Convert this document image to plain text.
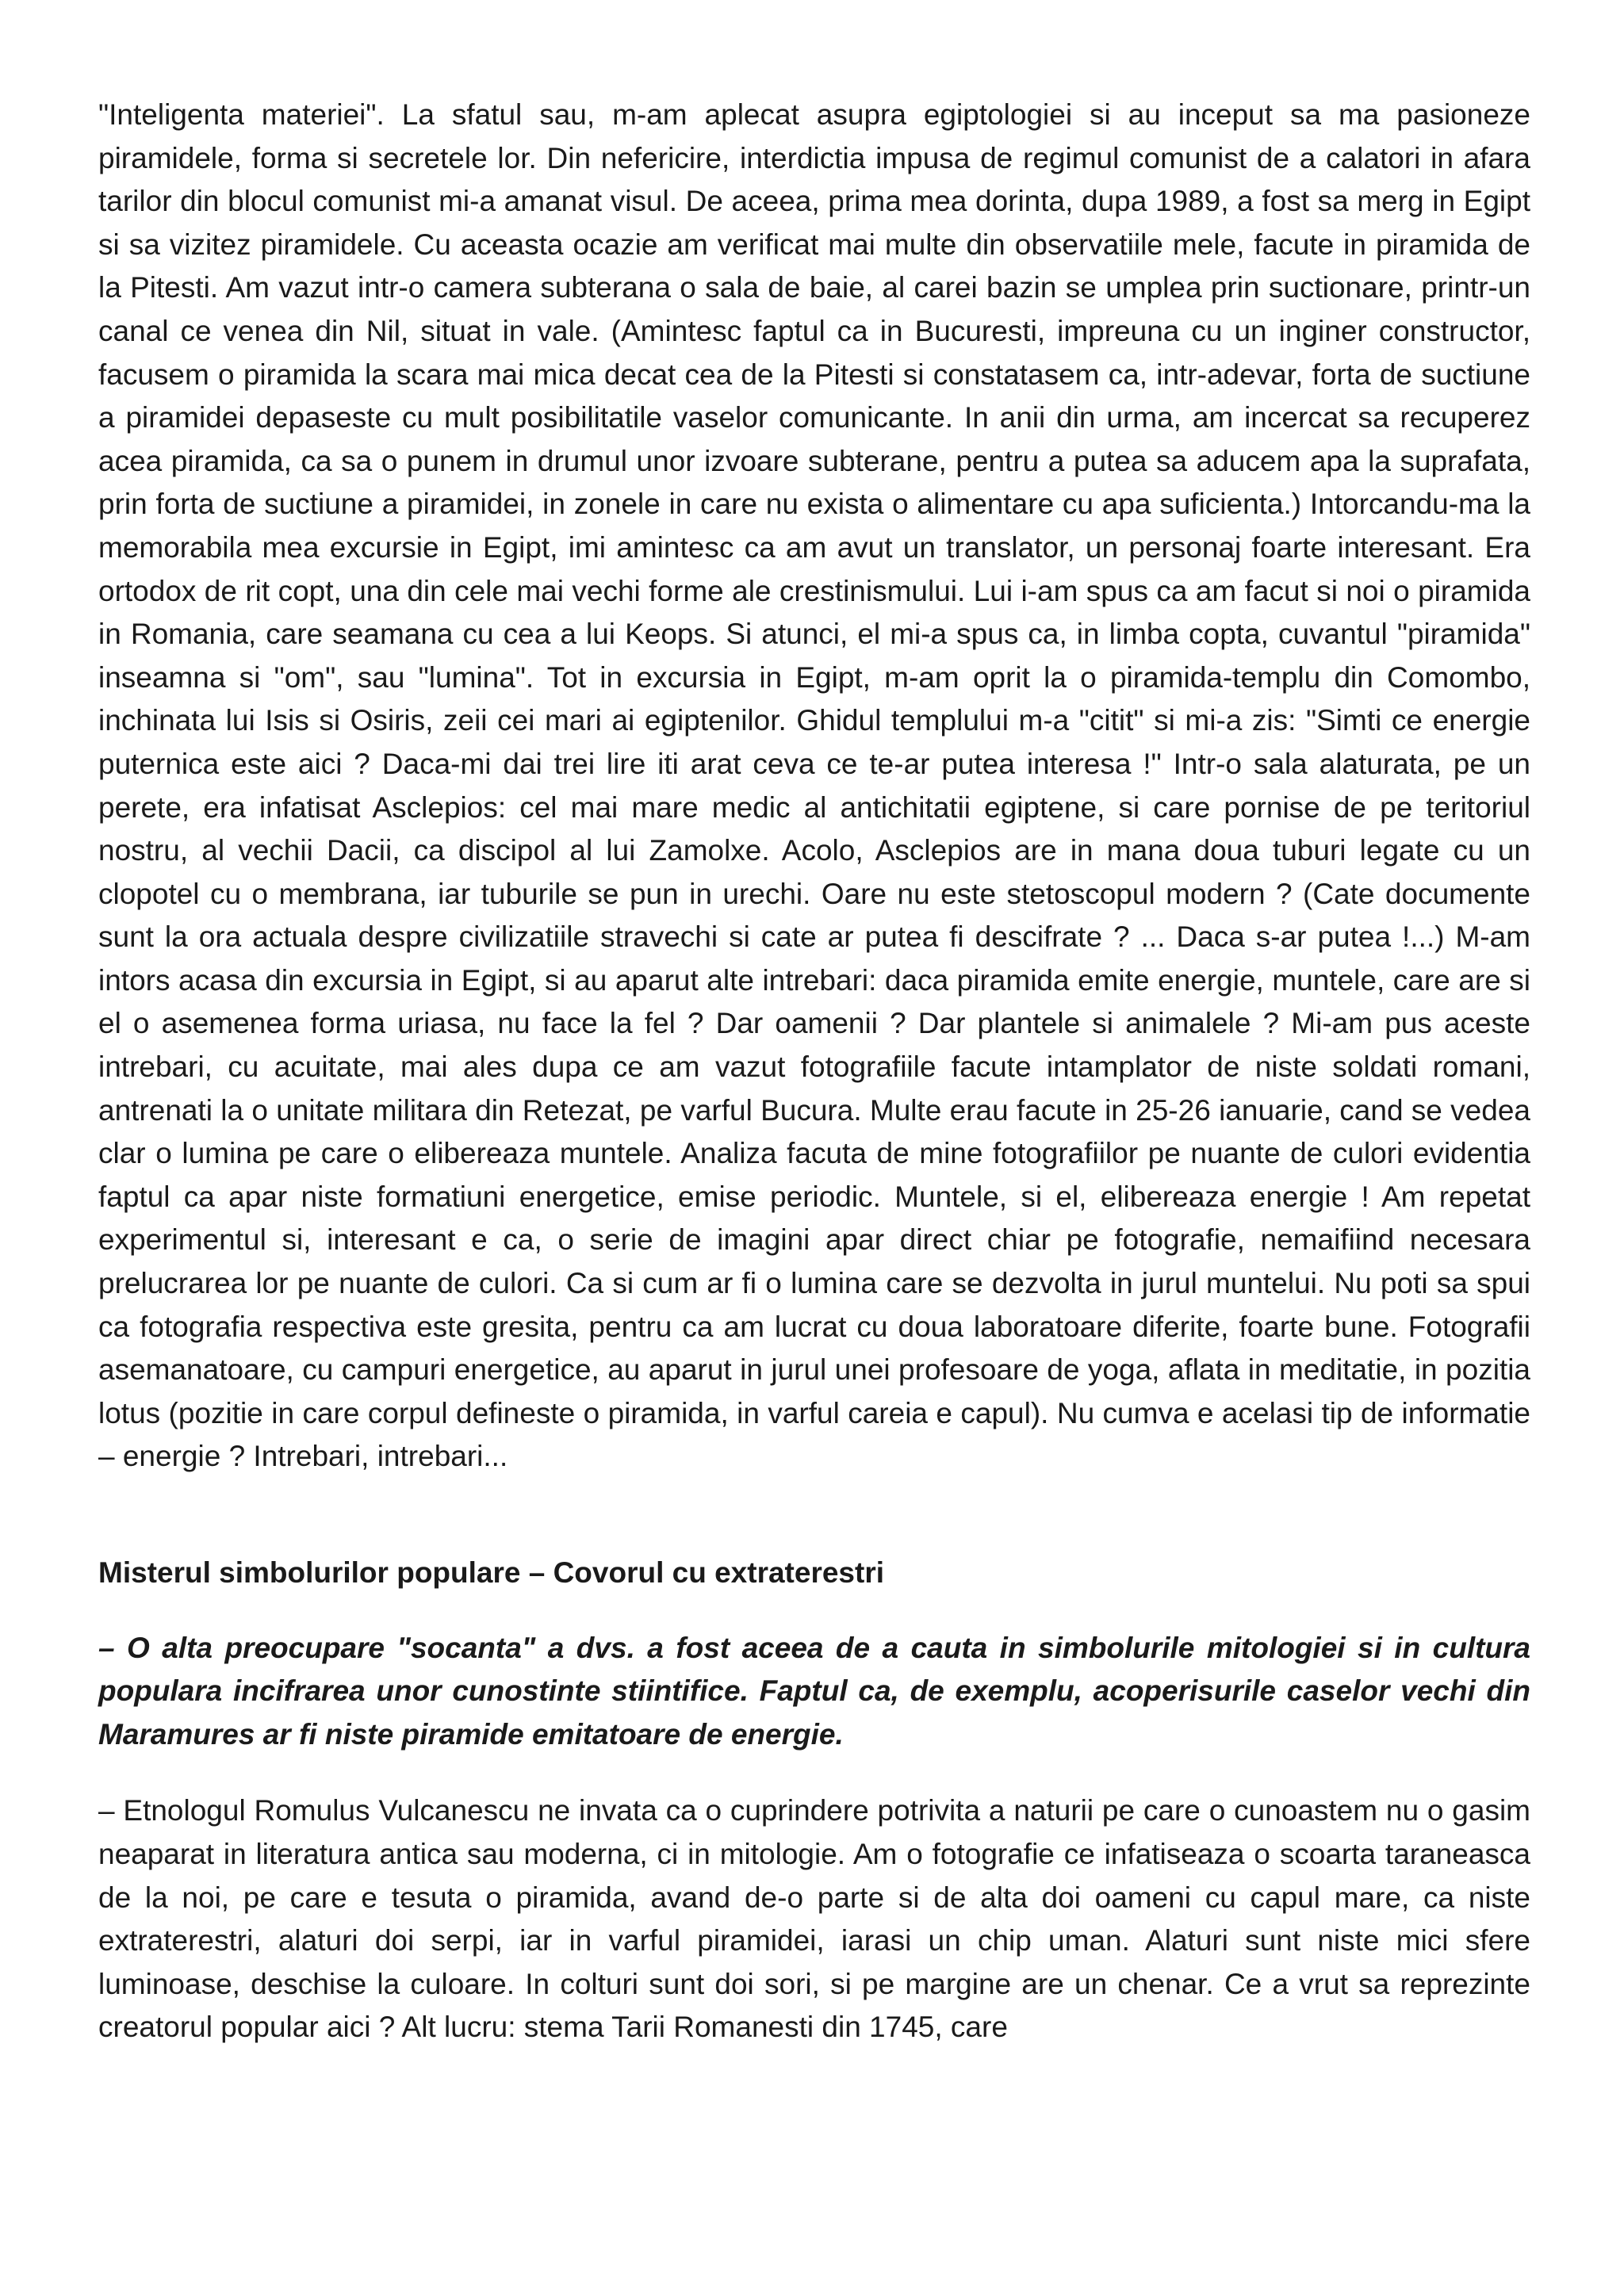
"Inteligenta materiei". La sfatul sau, m-am aplecat asupra egiptologiei si au inceput sa ma pasioneze piramidele, forma si secretele lor. Din nefericire, interdictia impusa de regimul comunist de a calatori in afara tarilor din blocul comunist mi-a amanat visul. De aceea, prima mea dorinta, dupa 1989, a fost sa merg in Egipt si sa vizitez piramidele. Cu aceasta ocazie am verificat mai multe din observatiile mele, facute in piramida de la Pitesti. Am vazut intr-o camera subterana o sala de baie, al carei bazin se umplea prin suctionare, printr-un canal ce venea din Nil, situat in vale. (Amintesc faptul ca in Bucuresti, impreuna cu un inginer constructor, facusem o piramida la scara mai mica decat cea de la Pitesti si constatasem ca, intr-adevar, forta de suctiune a piramidei depaseste cu mult posibilitatile vaselor comunicante. In anii din urma, am incercat sa recuperez acea piramida, ca sa o punem in drumul unor izvoare subterane, pentru a putea sa aducem apa la suprafata, prin forta de suctiune a piramidei, in zonele in care nu exista o alimentare cu apa suficienta.) Intorcandu-ma la memorabila mea excursie in Egipt, imi amintesc ca am avut un translator, un personaj foarte interesant. Era ortodox de rit copt, una din cele mai vechi forme ale crestinismului. Lui i-am spus ca am facut si noi o piramida in Romania, care seamana cu cea a lui Keops. Si atunci, el mi-a spus ca, in limba copta, cuvantul "piramida" inseamna si "om", sau "lumina". Tot in excursia in Egipt, m-am oprit la o piramida-templu din Comombo, inchinata lui Isis si Osiris, zeii cei mari ai egiptenilor. Ghidul templului m-a "citit" si mi-a zis: "Simti ce energie puternica este aici ? Daca-mi dai trei lire iti arat ceva ce te-ar putea interesa !" Intr-o sala alaturata, pe un perete, era infatisat Asclepios: cel mai mare medic al antichitatii egiptene, si care pornise de pe teritoriul nostru, al vechii Dacii, ca discipol al lui Zamolxe. Acolo, Asclepios are in mana doua tuburi legate cu un clopotel cu o membrana, iar tuburile se pun in urechi. Oare nu este stetoscopul modern ? (Cate documente sunt la ora actuala despre civilizatiile stravechi si cate ar putea fi descifrate ? ... Daca s-ar putea !...) M-am intors acasa din excursia in Egipt, si au aparut alte intrebari: daca piramida emite energie, muntele, care are si el o asemenea forma uriasa, nu face la fel ? Dar oamenii ? Dar plantele si animalele ? Mi-am pus aceste intrebari, cu acuitate, mai ales dupa ce am vazut fotografiile facute intamplator de niste soldati romani, antrenati la o unitate militara din Retezat, pe varful Bucura. Multe erau facute in 25-26 ianuarie, cand se vedea clar o lumina pe care o elibereaza muntele. Analiza facuta de mine fotografiilor pe nuante de culori evidentia faptul ca apar niste formatiuni energetice, emise periodic. Muntele, si el, elibereaza energie ! Am repetat experimentul si, interesant e ca, o serie de imagini apar direct chiar pe fotografie, nemaifiind necesara prelucrarea lor pe nuante de culori. Ca si cum ar fi o lumina care se dezvolta in jurul muntelui. Nu poti sa spui ca fotografia respectiva este gresita, pentru ca am lucrat cu doua laboratoare diferite, foarte bune. Fotografii asemanatoare, cu campuri energetice, au aparut in jurul unei profesoare de yoga, aflata in meditatie, in pozitia lotus (pozitie in care corpul defineste o piramida, in varful careia e capul). Nu cumva e acelasi tip de informatie – energie ? Intrebari, intrebari...

Misterul simbolurilor populare – Covorul cu extraterestri

– O alta preocupare "socanta" a dvs. a fost aceea de a cauta in simbolurile mitologiei si in cultura populara incifrarea unor cunostinte stiintifice. Faptul ca, de exemplu, acoperisurile caselor vechi din Maramures ar fi niste piramide emitatoare de energie.

– Etnologul Romulus Vulcanescu ne invata ca o cuprindere potrivita a naturii pe care o cunoastem nu o gasim neaparat in literatura antica sau moderna, ci in mitologie. Am o fotografie ce infatiseaza o scoarta taraneasca de la noi, pe care e tesuta o piramida, avand de-o parte si de alta doi oameni cu capul mare, ca niste extraterestri, alaturi doi serpi, iar in varful piramidei, iarasi un chip uman. Alaturi sunt niste mici sfere luminoase, deschise la culoare. In colturi sunt doi sori, si pe margine are un chenar. Ce a vrut sa reprezinte creatorul popular aici ? Alt lucru: stema Tarii Romanesti din 1745, care
